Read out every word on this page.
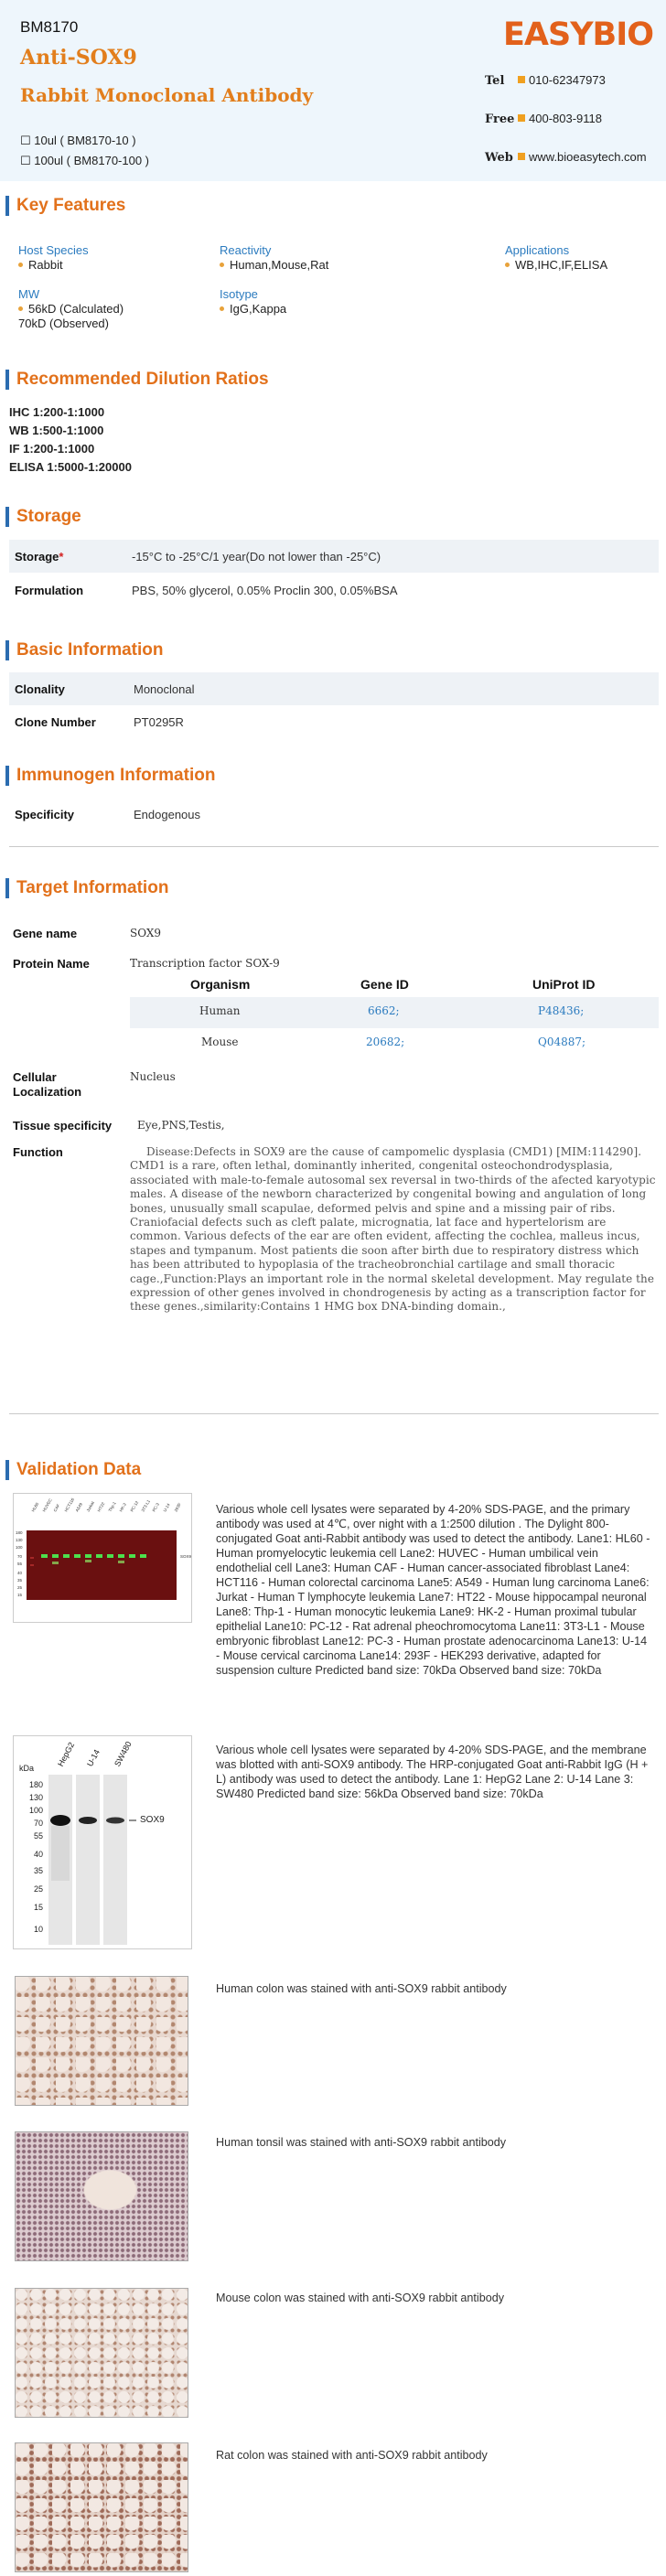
BM8170
Anti-SOX9
Rabbit Monoclonal Antibody
☐ 10ul ( BM8170-10 )
☐ 100ul ( BM8170-100 )
EASYBIO
Tel 010-62347973
Free 400-803-9118
Web www.bioeasytech.com
Key Features
Host Species
Rabbit
Reactivity
Human,Mouse,Rat
Applications
WB,IHC,IF,ELISA
MW
56kD (Calculated)
70kD (Observed)
Isotype
IgG,Kappa
Recommended Dilution Ratios
IHC 1:200-1:1000
WB 1:500-1:1000
IF 1:200-1:1000
ELISA 1:5000-1:20000
Storage
Storage*	-15°C to -25°C/1 year(Do not lower than -25°C)
Formulation	PBS, 50% glycerol, 0.05% Proclin 300, 0.05%BSA
Basic Information
Clonality	Monoclonal
Clone Number	PT0295R
Immunogen Information
Specificity	Endogenous
Target Information
Gene name	SOX9
Protein Name	Transcription factor SOX-9
Organism	Gene ID	UniProt ID
Human	6662;	P48436;
Mouse	20682;	Q04887;
Cellular Localization
Nucleus
Tissue specificity Eye,PNS,Testis,
Function	Disease:Defects in SOX9 are the cause of campomelic dysplasia (CMD1) [MIM:114290]. CMD1 is a rare, often lethal, dominantly inherited, congenital osteochondrodysplasia, associated with male-to-female autosomal sex reversal in two-thirds of the afected karyotypic males. A disease of the newborn characterized by congenital bowing and angulation of long bones, unusually small scapulae, deformed pelvis and spine and a missing pair of ribs. Craniofacial defects such as cleft palate, micrognatia, lat face and hypertelorism are common. Various defects of the ear are often evident, affecting the cochlea, malleus incus, stapes and tympanum. Most patients die soon after birth due to respiratory distress which has been attributed to hypoplasia of the tracheobronchial cartilage and small thoracic cage.,Function:Plays an important role in the normal skeletal development. May regulate the expression of other genes involved in chondrogenesis by acting as a transcription factor for these genes.,similarity:Contains 1 HMG box DNA-binding domain.,
Validation Data
HL60 HUVEC CAF HCT116 A549 Jurkat HT22 Thp-1 HK-2 PC-12 3T3-L1 PC-3 U-14 293F
180
130
100
70
55
40
35
25
15
SOX9
Various whole cell lysates were separated by 4-20% SDS-PAGE, and the primary antibody was used at 4℃, over night with a 1:2500 dilution . The Dylight 800-conjugated Goat anti-Rabbit antibody was used to detect the antibody. Lane1: HL60 - Human promyelocytic leukemia cell Lane2: HUVEC - Human umbilical vein endothelial cell Lane3: Human CAF - Human cancer-associated fibroblast Lane4: HCT116 - Human colorectal carcinoma Lane5: A549 - Human lung carcinoma Lane6: Jurkat - Human T lymphocyte leukemia Lane7: HT22 - Mouse hippocampal neuronal Lane8: Thp-1 - Human monocytic leukemia Lane9: HK-2 - Human proximal tubular epithelial Lane10: PC-12 - Rat adrenal pheochromocytoma Lane11: 3T3-L1 - Mouse embryonic fibroblast Lane12: PC-3 - Human prostate adenocarcinoma Lane13: U-14 - Mouse cervical carcinoma Lane14: 293F - HEK293 derivative, adapted for suspension culture Predicted band size: 70kDa Observed band size: 70kDa
kDa
180
130
100
70
55
40
35
25
15
10
HepG2 U-14 SW480
SOX9
Various whole cell lysates were separated by 4-20% SDS-PAGE, and the membrane was blotted with anti-SOX9 antibody. The HRP-conjugated Goat anti-Rabbit IgG (H + L) antibody was used to detect the antibody. Lane 1: HepG2 Lane 2: U-14 Lane 3: SW480 Predicted band size: 56kDa Observed band size: 70kDa
Human colon was stained with anti-SOX9 rabbit antibody
Human tonsil was stained with anti-SOX9 rabbit antibody
Mouse colon was stained with anti-SOX9 rabbit antibody
Rat colon was stained with anti-SOX9 rabbit antibody
